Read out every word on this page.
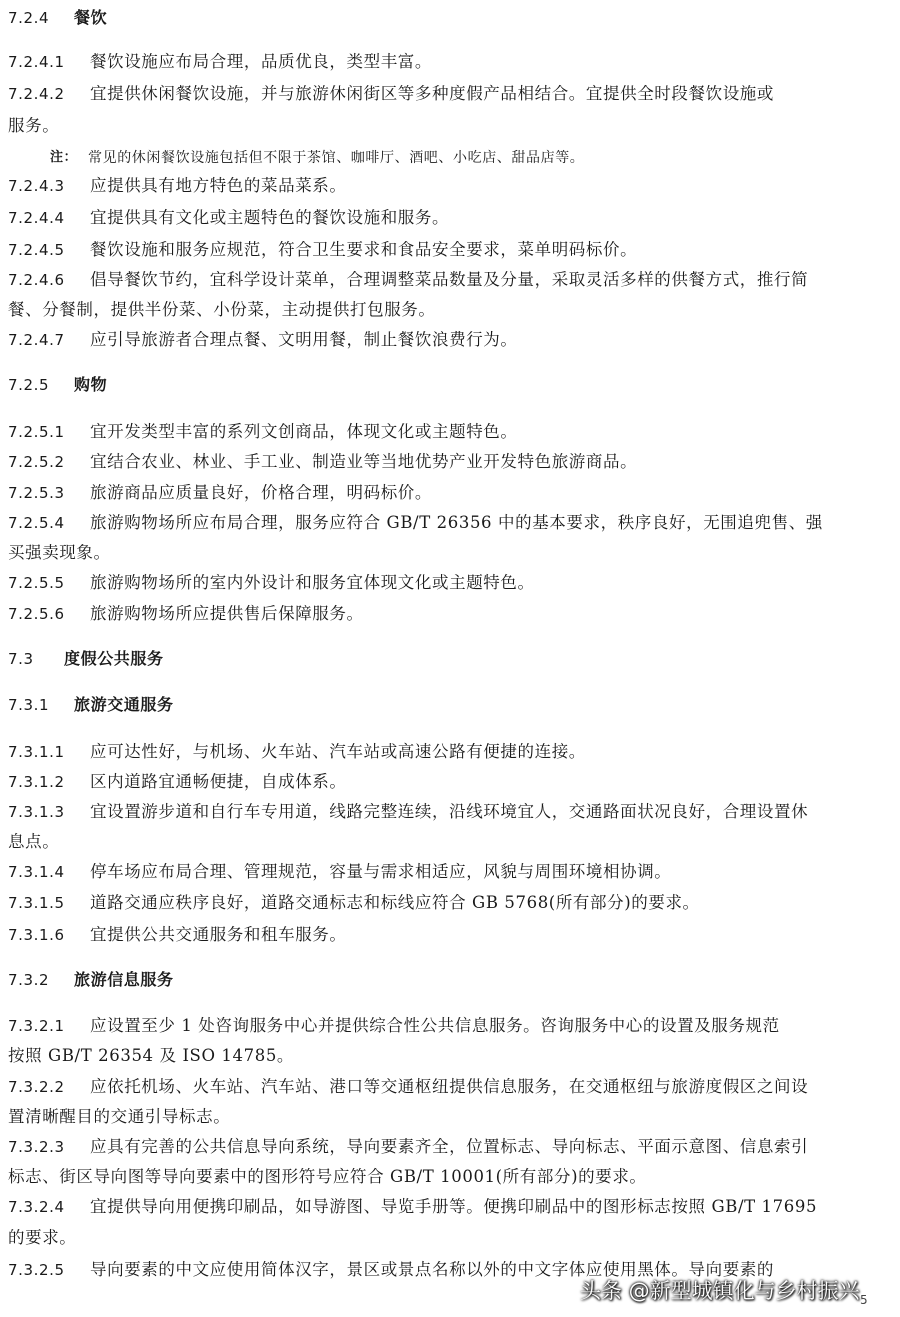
7.2.4 餐饮
7.2.4.1 餐饮设施应布局合理，品质优良，类型丰富。
7.2.4.2 宜提供休闲餐饮设施，并与旅游休闲街区等多种度假产品相结合。宜提供全时段餐饮设施或
服务。
注： 常见的休闲餐饮设施包括但不限于茶馆、咖啡厅、酒吧、小吃店、甜品店等。
7.2.4.3 应提供具有地方特色的菜品菜系。
7.2.4.4 宜提供具有文化或主题特色的餐饮设施和服务。
7.2.4.5 餐饮设施和服务应规范，符合卫生要求和食品安全要求，菜单明码标价。
7.2.4.6 倡导餐饮节约，宜科学设计菜单，合理调整菜品数量及分量，采取灵活多样的供餐方式，推行简
餐、分餐制，提供半份菜、小份菜，主动提供打包服务。
7.2.4.7 应引导旅游者合理点餐、文明用餐，制止餐饮浪费行为。
7.2.5 购物
7.2.5.1 宜开发类型丰富的系列文创商品，体现文化或主题特色。
7.2.5.2 宜结合农业、林业、手工业、制造业等当地优势产业开发特色旅游商品。
7.2.5.3 旅游商品应质量良好，价格合理，明码标价。
7.2.5.4 旅游购物场所应布局合理，服务应符合 GB/T 26356 中的基本要求，秩序良好，无围追兜售、强
买强卖现象。
7.2.5.5 旅游购物场所的室内外设计和服务宜体现文化或主题特色。
7.2.5.6 旅游购物场所应提供售后保障服务。
7.3 度假公共服务
7.3.1 旅游交通服务
7.3.1.1 应可达性好，与机场、火车站、汽车站或高速公路有便捷的连接。
7.3.1.2 区内道路宜通畅便捷，自成体系。
7.3.1.3 宜设置游步道和自行车专用道，线路完整连续，沿线环境宜人，交通路面状况良好，合理设置休
息点。
7.3.1.4 停车场应布局合理、管理规范，容量与需求相适应，风貌与周围环境相协调。
7.3.1.5 道路交通应秩序良好，道路交通标志和标线应符合 GB 5768(所有部分)的要求。
7.3.1.6 宜提供公共交通服务和租车服务。
7.3.2 旅游信息服务
7.3.2.1 应设置至少 1 处咨询服务中心并提供综合性公共信息服务。咨询服务中心的设置及服务规范
按照 GB/T 26354 及 ISO 14785。
7.3.2.2 应依托机场、火车站、汽车站、港口等交通枢纽提供信息服务，在交通枢纽与旅游度假区之间设
置清晰醒目的交通引导标志。
7.3.2.3 应具有完善的公共信息导向系统，导向要素齐全，位置标志、导向标志、平面示意图、信息索引
标志、街区导向图等导向要素中的图形符号应符合 GB/T 10001(所有部分)的要求。
7.3.2.4 宜提供导向用便携印刷品，如导游图、导览手册等。便携印刷品中的图形标志按照 GB/T 17695
的要求。
7.3.2.5 导向要素的中文应使用简体汉字，景区或景点名称以外的中文字体应使用黑体。导向要素的
头条 @新型城镇化与乡村振兴 5
